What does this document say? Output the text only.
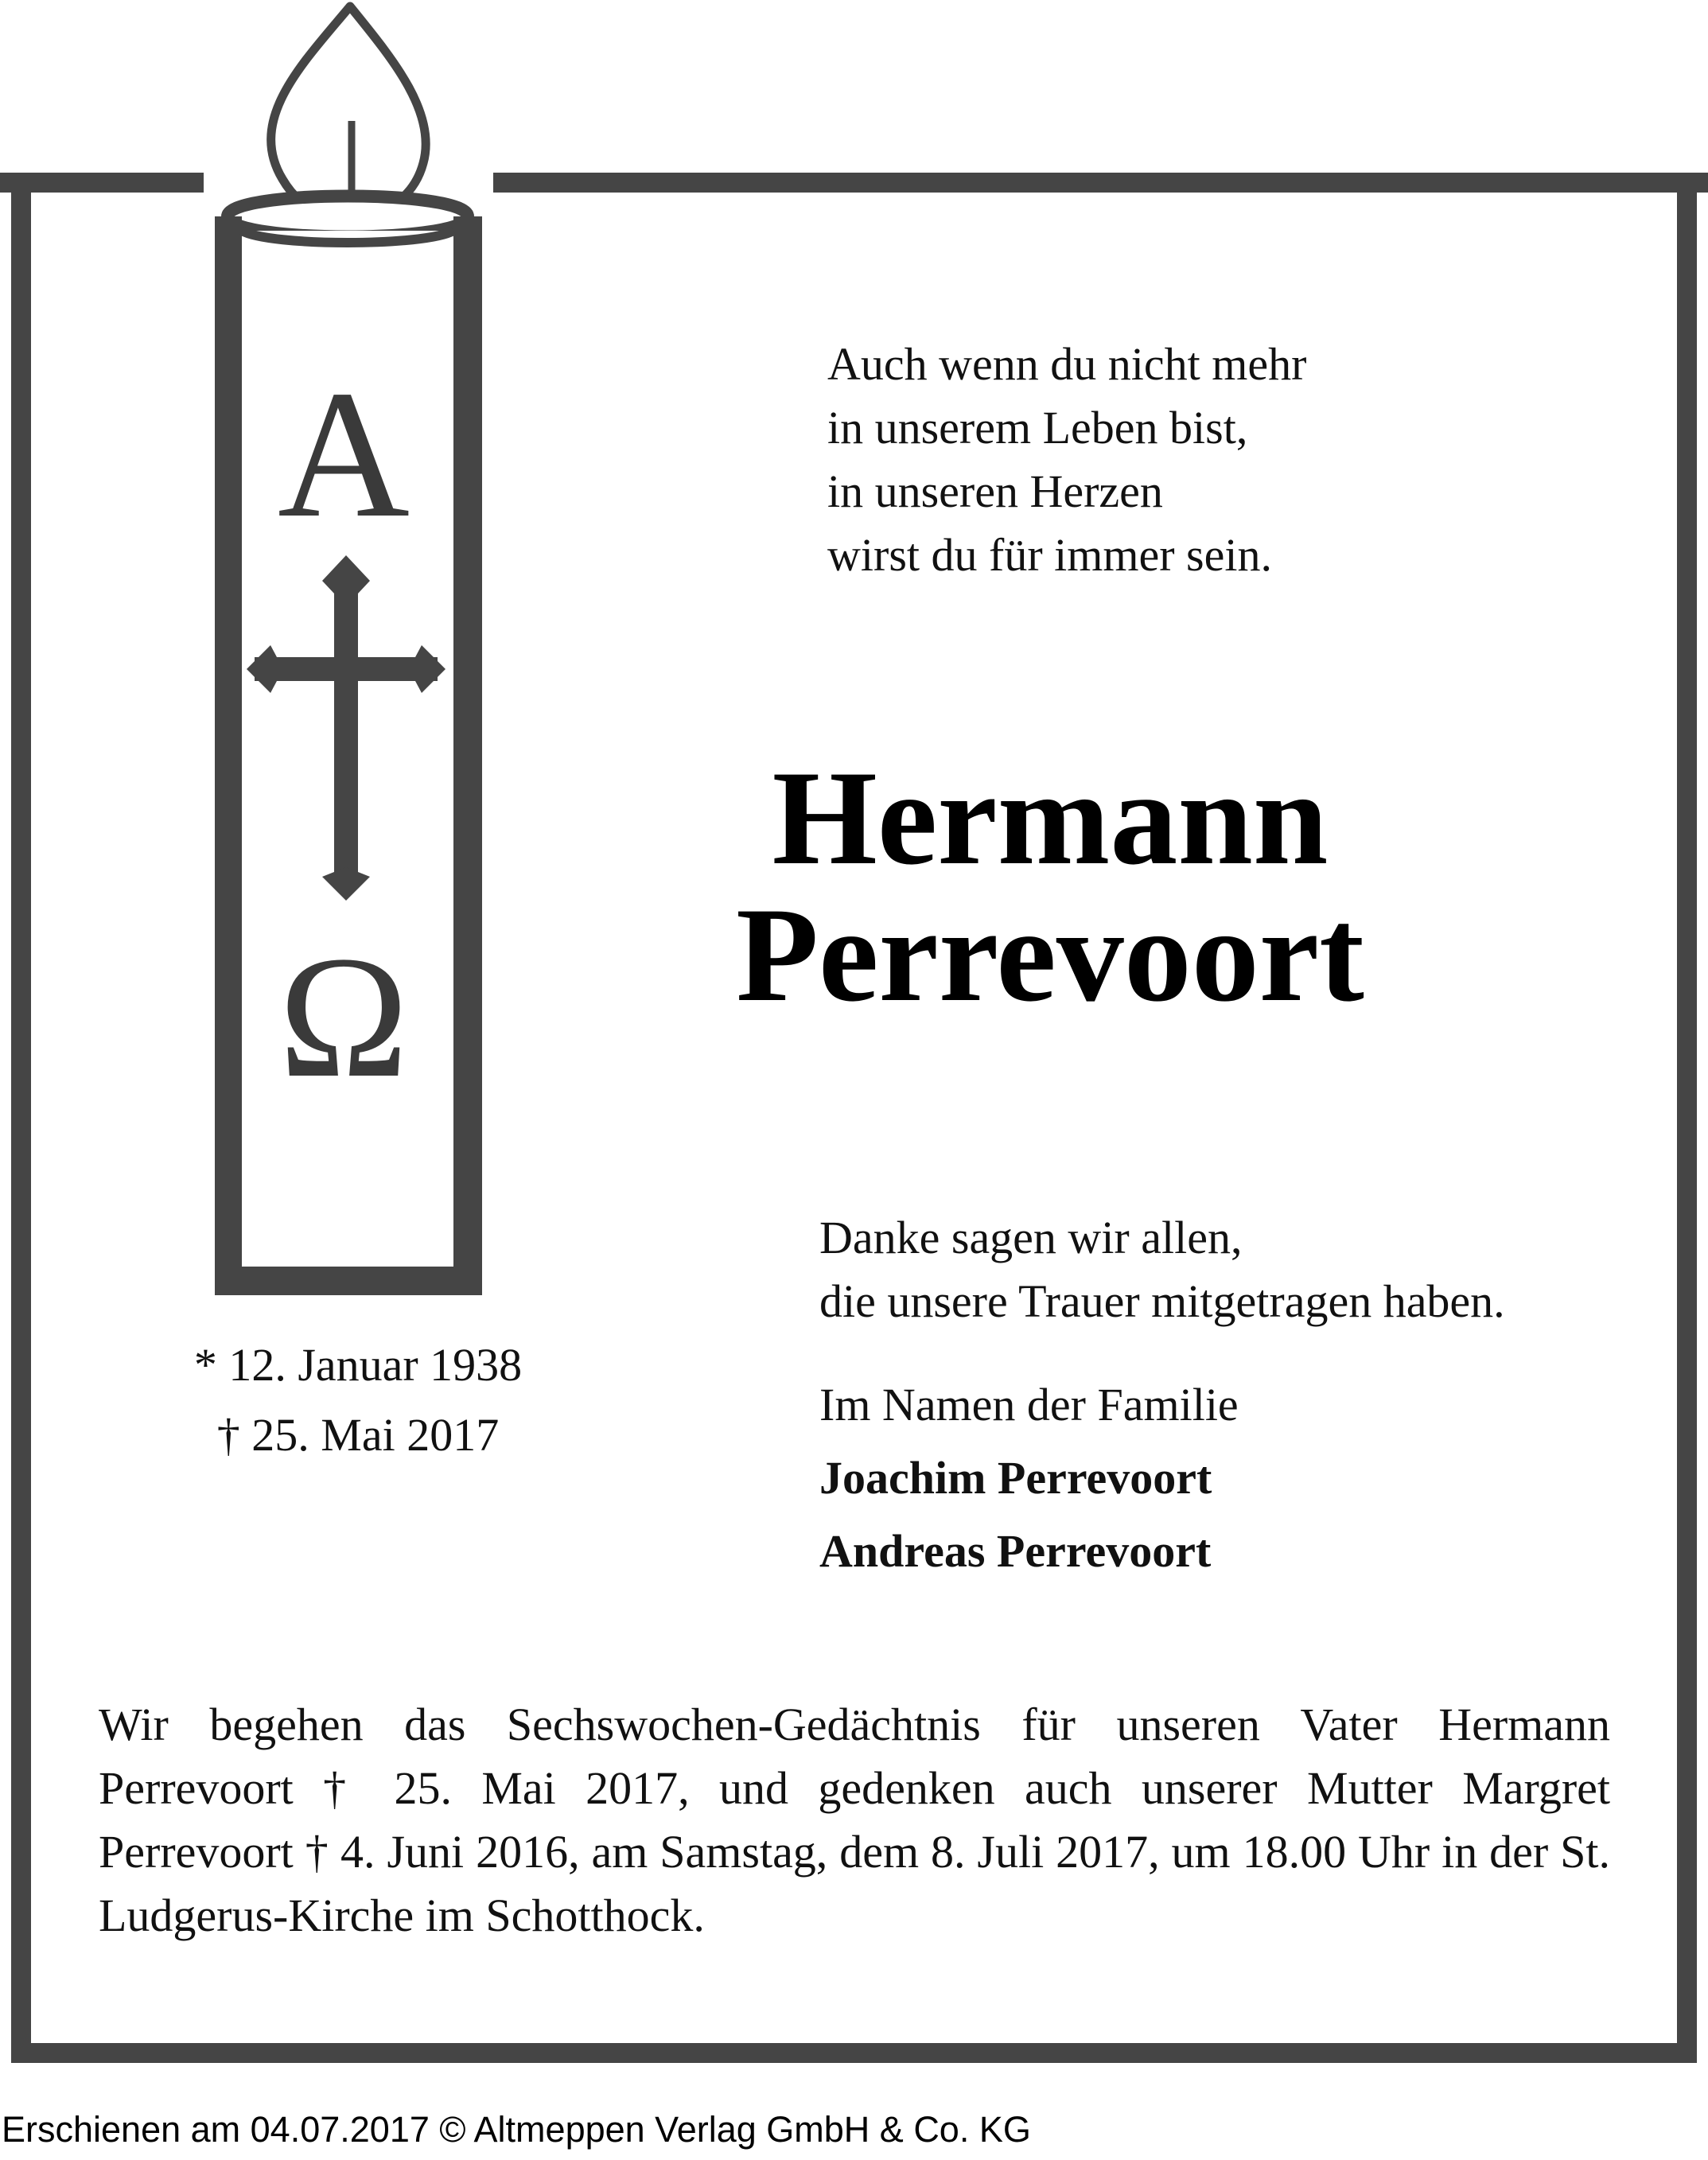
A
Ω
Auch wenn du nicht mehr
in unserem Leben bist,
in unseren Herzen
wirst du für immer sein.
Hermann
Perrevoort
* 12. Januar 1938
† 25. Mai 2017
Danke sagen wir allen,
die unsere Trauer mitgetragen haben.
Im Namen der Familie
Joachim Perrevoort
Andreas Perrevoort

Wir begehen das Sechswochen-Gedächtnis für unseren Vater Hermann Perrevoort † 25. Mai 2017, und gedenken auch unserer Mutter Margret Perrevoort † 4. Juni 2016, am Samstag, dem 8. Juli 2017, um 18.00 Uhr in der St. Ludgerus-Kirche im Schotthock.

Erschienen am 04.07.2017 © Altmeppen Verlag GmbH & Co. KG
